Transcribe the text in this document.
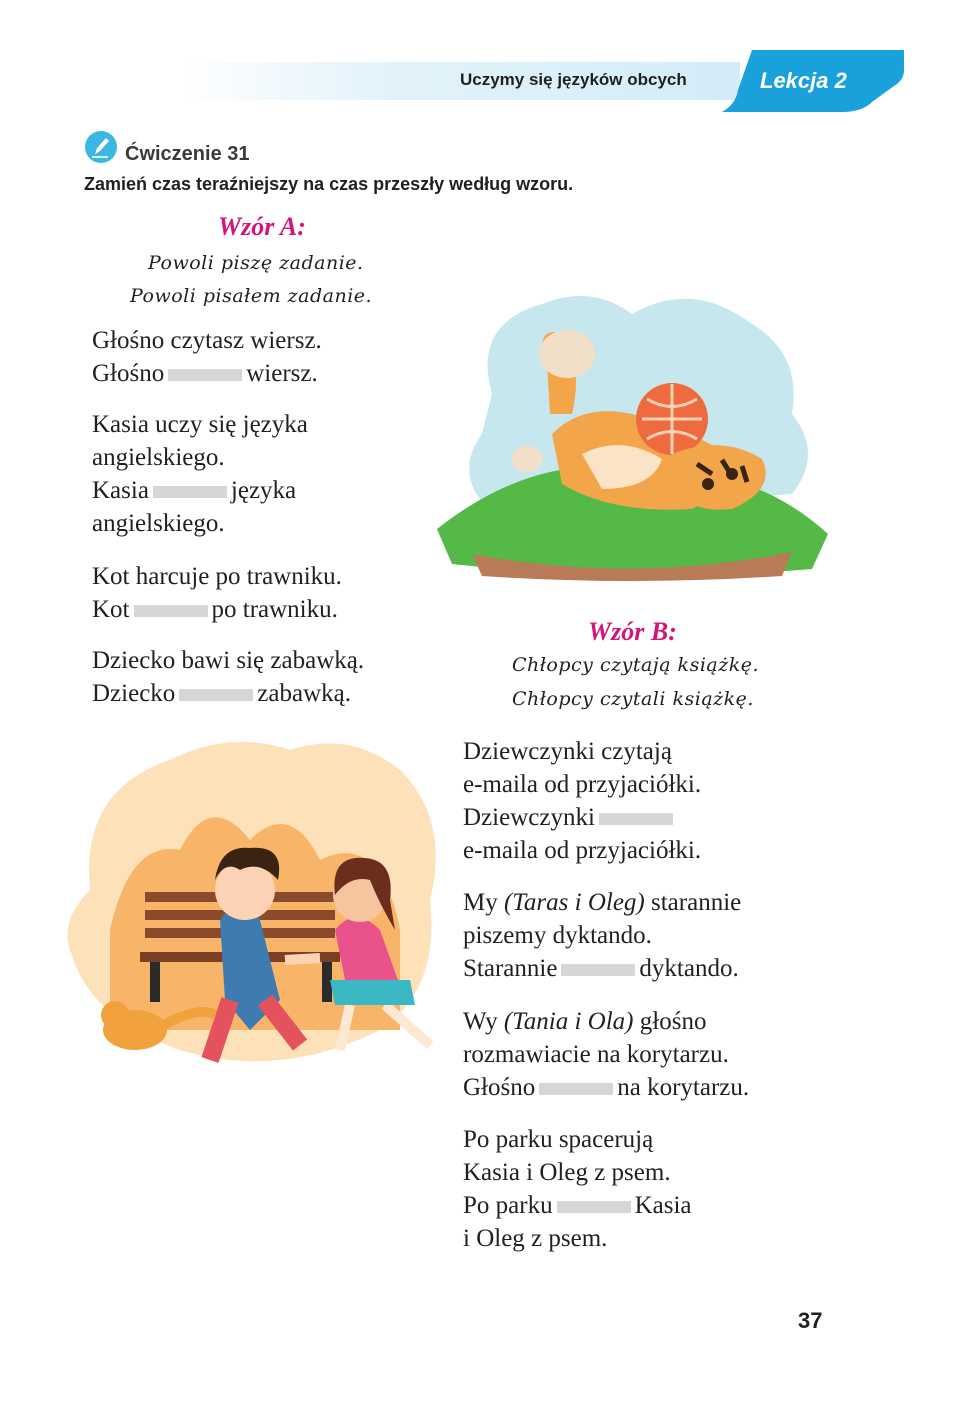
Uczymy się języków obcych	Lekcja 2
Ćwiczenie 31
Zamień czas teraźniejszy na czas przeszły według wzoru.
Wzór A:
Powoli piszę zadanie.
Powoli pisałem zadanie.
Głośno czytasz wiersz.
Głośno	wiersz.
Kasia uczy się języka
angielskiego.
Kasia	języka
angielskiego.
Kot harcuje po trawniku.
Kot	po trawniku.
Dziecko bawi się zabawką.
Dziecko	zabawką.
Wzór B:
Chłopcy czytają książkę.
Chłopcy czytali książkę.
Dziewczynki czytają
e-maila od przyjaciółki.
Dziewczynki
e-maila od przyjaciółki.
My (Taras i Oleg) starannie
piszemy dyktando.
Starannie	dyktando.
Wy (Tania i Ola) głośno
rozmawiacie na korytarzu.
Głośno	na korytarzu.
Po parku spacerują
Kasia i Oleg z psem.
Po parku	Kasia
i Oleg z psem.
37
